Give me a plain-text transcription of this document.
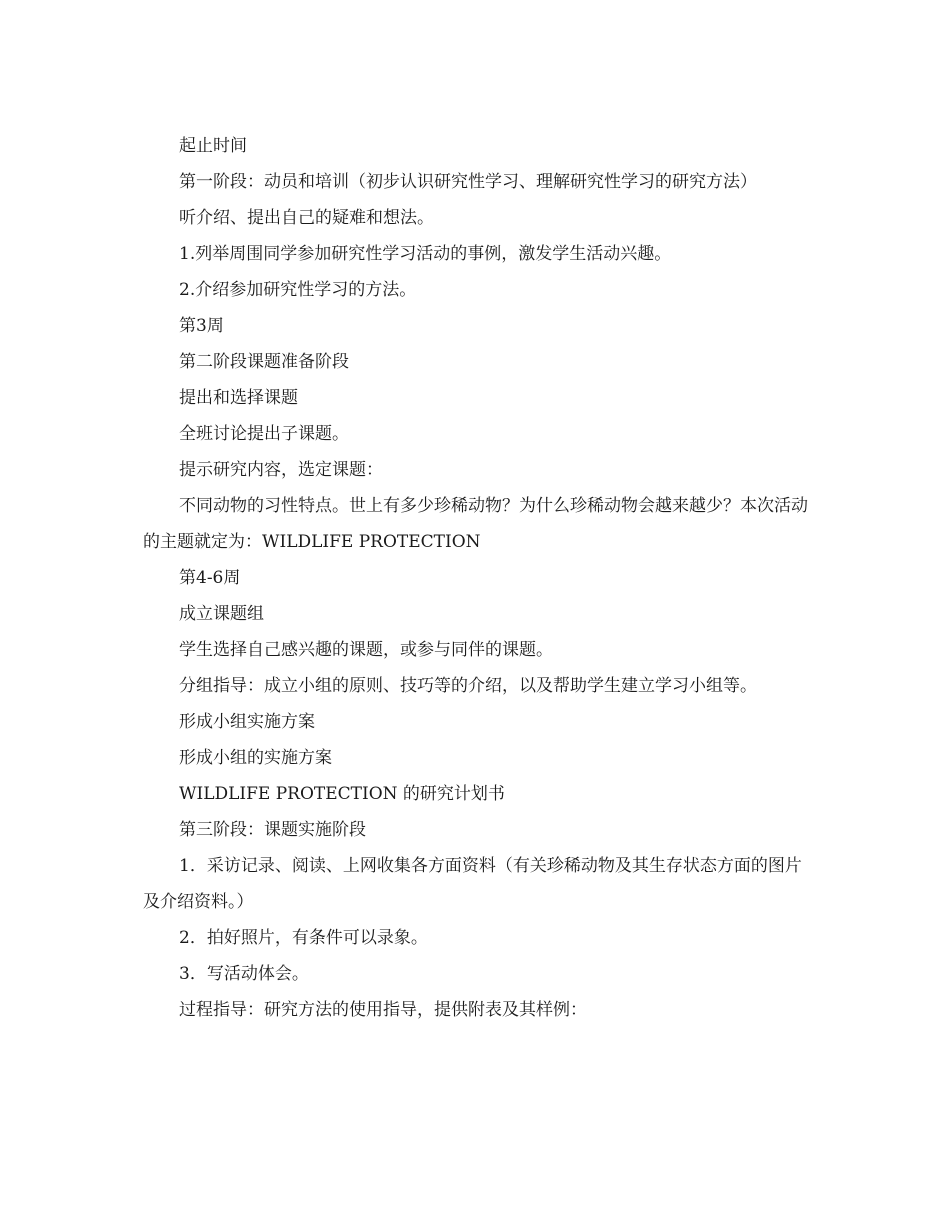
起止时间

第一阶段：动员和培训（初步认识研究性学习、理解研究性学习的研究方法）

听介绍、提出自己的疑难和想法。

1.列举周围同学参加研究性学习活动的事例，激发学生活动兴趣。

2.介绍参加研究性学习的方法。

第3周

第二阶段课题准备阶段

提出和选择课题

全班讨论提出子课题。

提示研究内容，选定课题：

不同动物的习性特点。世上有多少珍稀动物？为什么珍稀动物会越来越少？本次活动的主题就定为：WILDLIFE PROTECTION

第4-6周

成立课题组

学生选择自己感兴趣的课题，或参与同伴的课题。

分组指导：成立小组的原则、技巧等的介绍，以及帮助学生建立学习小组等。

形成小组实施方案

形成小组的实施方案

WILDLIFE PROTECTION 的研究计划书

第三阶段：课题实施阶段

1．采访记录、阅读、上网收集各方面资料（有关珍稀动物及其生存状态方面的图片及介绍资料。）

2．拍好照片，有条件可以录象。

3．写活动体会。

过程指导：研究方法的使用指导，提供附表及其样例：
